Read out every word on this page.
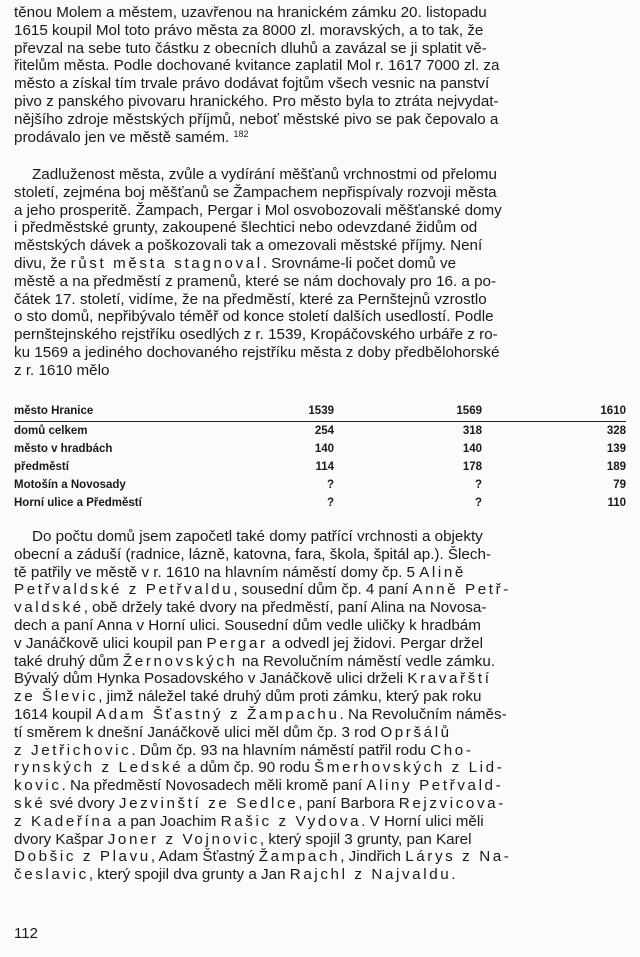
těnou Molem a městem, uzavřenou na hranickém zámku 20. listopadu
1615 koupil Mol toto právo města za 8000 zl. moravských, a to tak, že
převzal na sebe tuto částku z obecních dluhů a zavázal se ji splatit vě-
řitelům města. Podle dochované kvitance zaplatil Mol r. 1617 7000 zl. za
město a získal tím trvale právo dodávat fojtům všech vesnic na panství
pivo z panského pivovaru hranického. Pro město byla to ztráta nejvydat-
nějšího zdroje městských příjmů, neboť městské pivo se pak čepovalo a
prodávalo jen ve městě samém. $^{182}$

Zadluženost města, zvůle a vydírání měšťanů vrchnostmi od přelomu
století, zejména boj měšťanů se Žampachem nepřispívaly rozvoji města
a jeho prosperitě. Žampach, Pergar i Mol osvobozovali měšťanské domy
i předměstské grunty, zakoupené šlechtici nebo odevzdané židům od
městských dávek a poškozovali tak a omezovali městské příjmy. Není
divu, že růst města stagnoval. Srovnáme-li počet domů ve
městě a na předměstí z pramenů, které se nám dochovaly pro 16. a po-
čátek 17. století, vidíme, že na předměstí, které za Pernštejnů vzrostlo
o sto domů, nepřibývalo téměř od konce století dalších usedlostí. Podle
pernštejnského rejstříku osedlých z r. 1539, Kropáčovského urbáře z ro-
ku 1569 a jediného dochovaného rejstříku města z doby předbělohorské
z r. 1610 mělo

město Hranice	1539	1569	1610
domů celkem	254	318	328
město v hradbách	140	140	139
předměstí	114	178	189
Motošín a Novosady	?	?	79
Horní ulice a Předměstí	?	?	110

Do počtu domů jsem započetl také domy patřící vrchnosti a objekty
obecní a záduší (radnice, lázně, katovna, fara, škola, špitál ap.). Šlech-
tě patřily ve městě v r. 1610 na hlavním náměstí domy čp. 5 Alině
Petřvaldské z Petřvaldu, sousední dům čp. 4 paní Anně Petř-
valdské, obě držely také dvory na předměstí, paní Alina na Novosa-
dech a paní Anna v Horní ulici. Sousední dům vedle uličky k hradbám
v Janáčkově ulici koupil pan Pergar a odvedl jej židovi. Pergar držel
také druhý dům Žernovských na Revolučním náměstí vedle zámku.
Bývalý dům Hynka Posadovského v Janáčkově ulici drželi Kravařští
ze Šlevic, jimž náležel také druhý dům proti zámku, který pak roku
1614 koupil Adam Šťastný z Žampachu. Na Revolučním náměs-
tí směrem k dnešní Janáčkově ulici měl dům čp. 3 rod Opršálů
z Jetřichovic. Dům čp. 93 na hlavním náměstí patřil rodu Cho-
rynských z Ledské a dům čp. 90 rodu Šmerhovských z Lid-
kovic. Na předměstí Novosadech měli kromě paní Aliny Petřvald-
ské své dvory Jezvinští ze Sedlce, paní Barbora Rejzvicova-
z Kadeřína a pan Joachim Rašic z Vydova. V Horní ulici měli
dvory Kašpar Joner z Vojnovic, který spojil 3 grunty, pan Karel
Dobšic z Plavu, Adam Šťastný Žampach, Jindřich Lárys z Na-
česlavic, který spojil dva grunty a Jan Rajchl z Najvaldu.

112
